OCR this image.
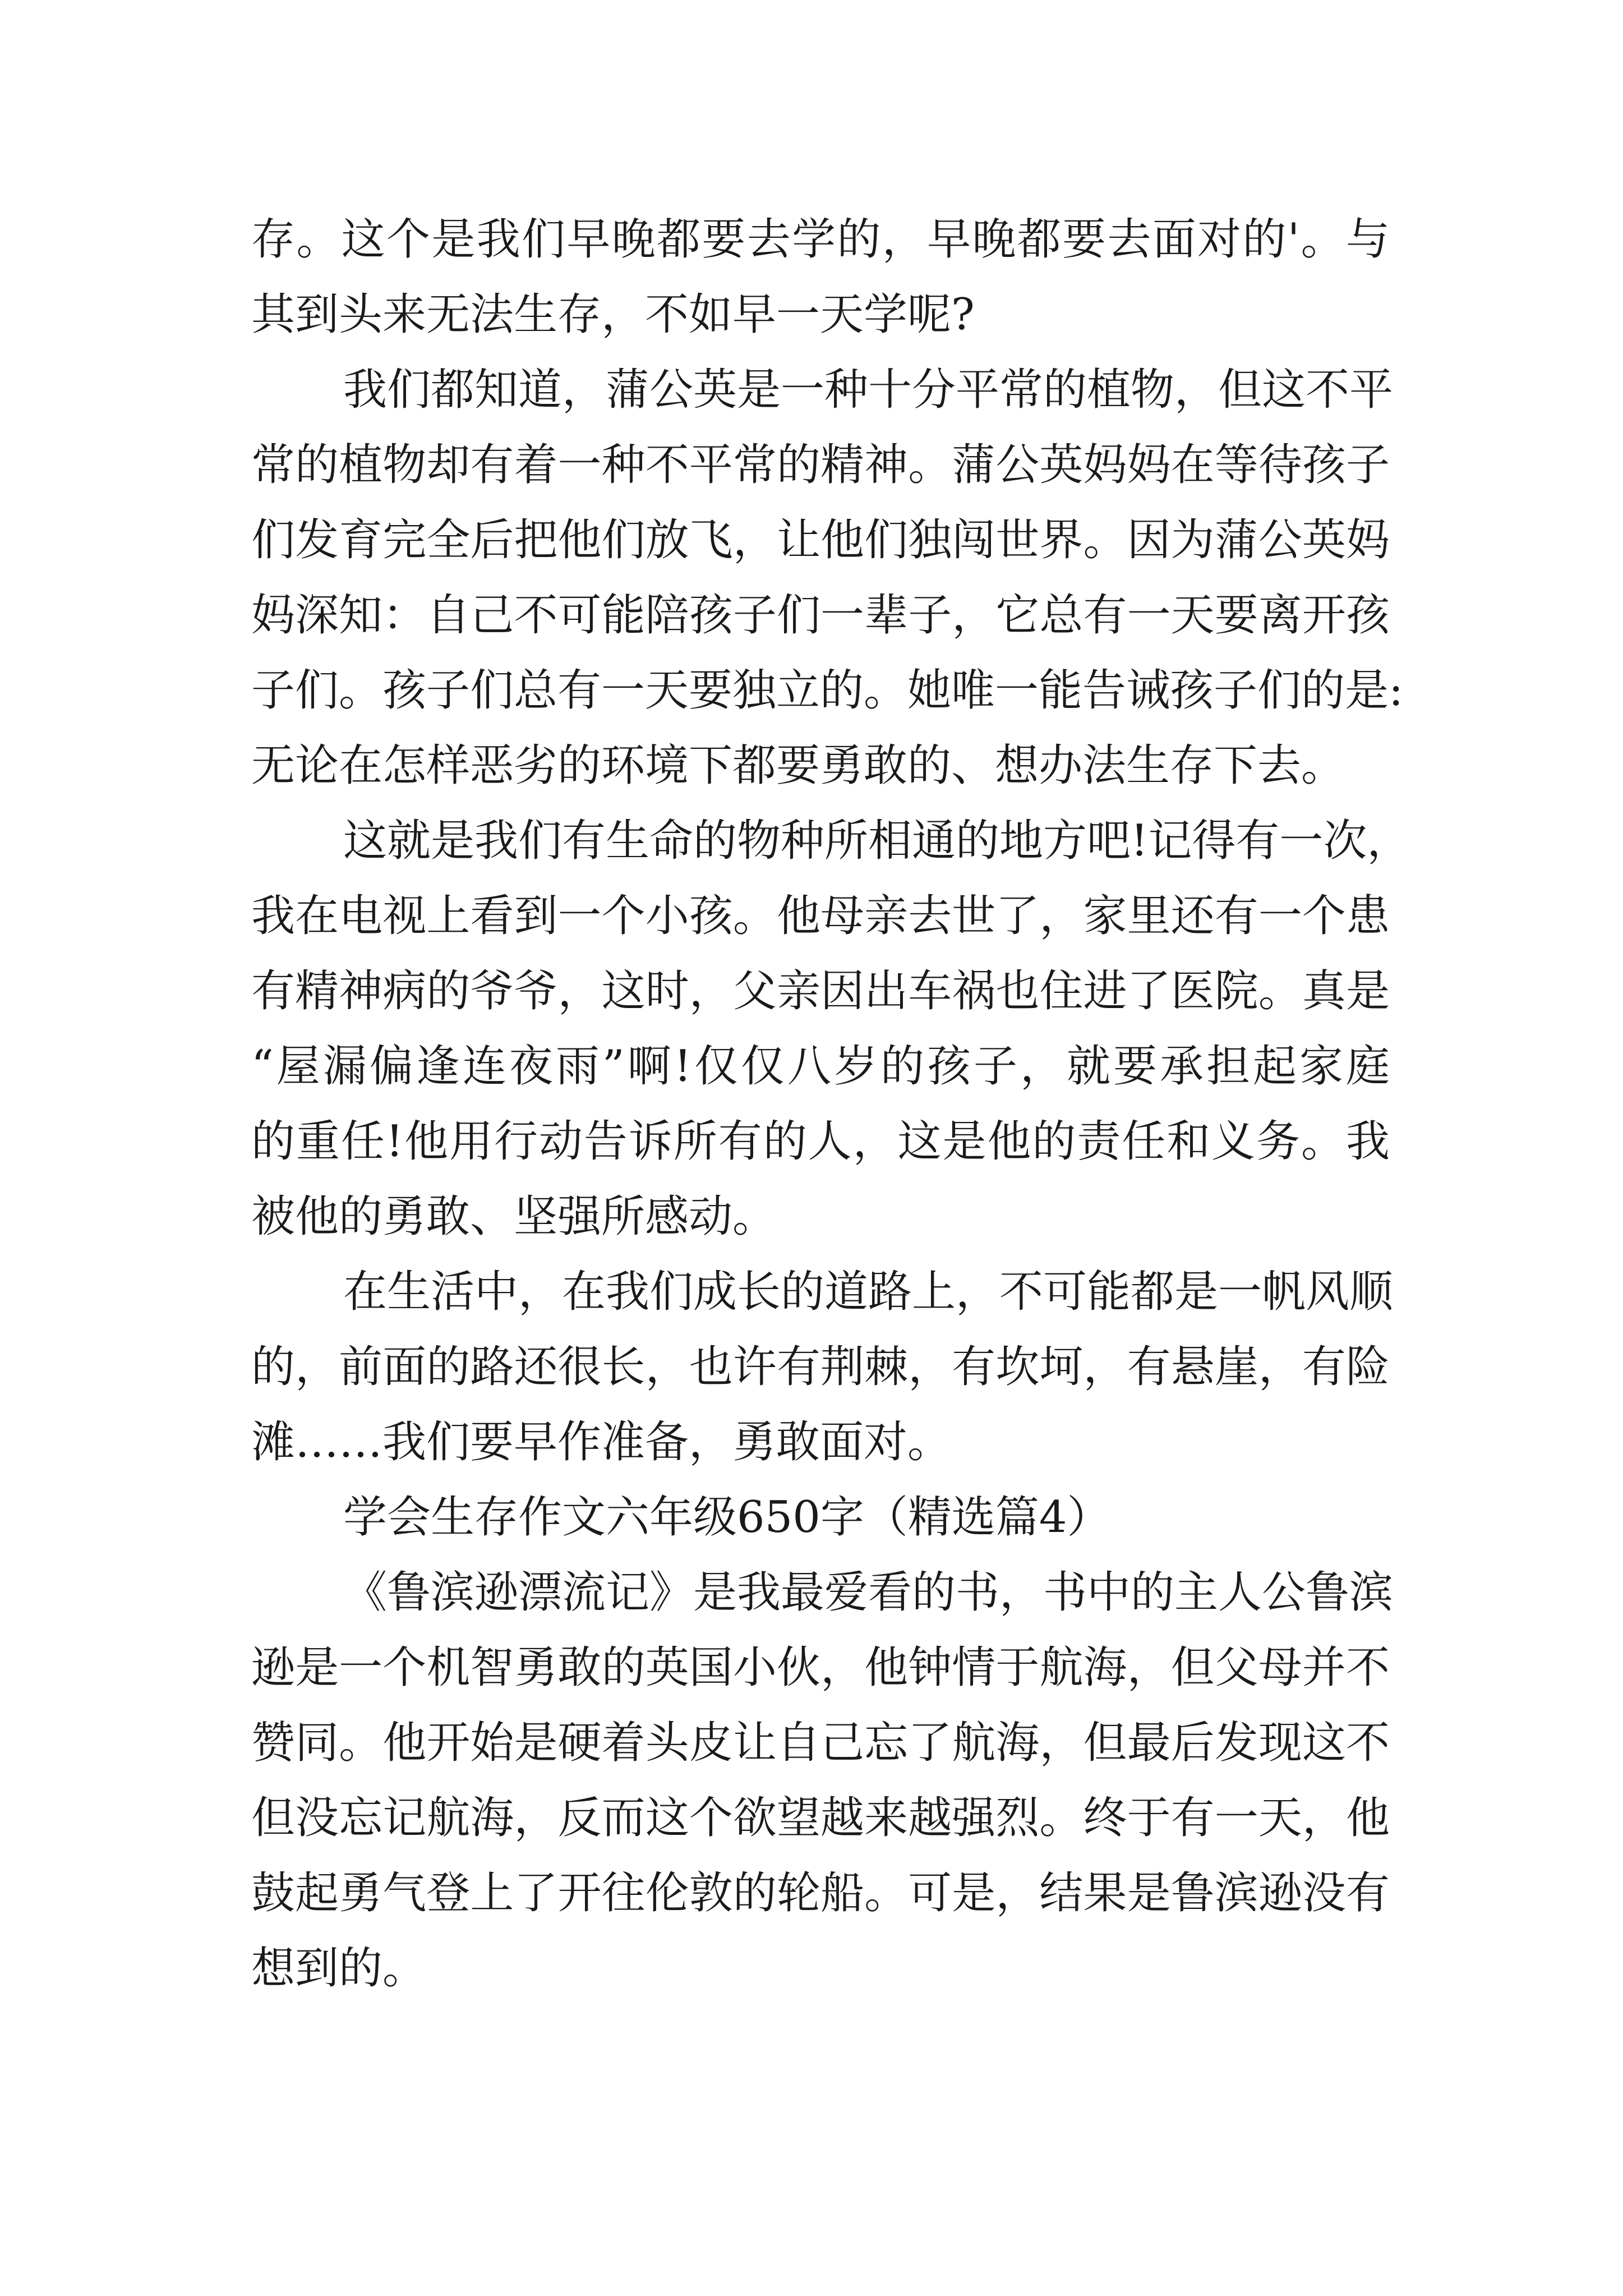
存。这个是我们早晚都要去学的，早晚都要去面对的'。与
其到头来无法生存，不如早一天学呢?
我们都知道，蒲公英是一种十分平常的植物，但这不平
常的植物却有着一种不平常的精神。蒲公英妈妈在等待孩子
们发育完全后把他们放飞，让他们独闯世界。因为蒲公英妈
妈深知：自己不可能陪孩子们一辈子，它总有一天要离开孩
子们。孩子们总有一天要独立的。她唯一能告诫孩子们的是:
无论在怎样恶劣的环境下都要勇敢的、想办法生存下去。
这就是我们有生命的物种所相通的地方吧!记得有一次，
我在电视上看到一个小孩。他母亲去世了，家里还有一个患
有精神病的爷爷，这时，父亲因出车祸也住进了医院。真是
“屋漏偏逢连夜雨”啊!仅仅八岁的孩子，就要承担起家庭
的重任!他用行动告诉所有的人，这是他的责任和义务。我
被他的勇敢、坚强所感动。
在生活中，在我们成长的道路上，不可能都是一帆风顺
的，前面的路还很长，也许有荆棘，有坎坷，有悬崖，有险
滩……我们要早作准备，勇敢面对。
学会生存作文六年级650字（精选篇4）
《鲁滨逊漂流记》是我最爱看的书，书中的主人公鲁滨
逊是一个机智勇敢的英国小伙，他钟情于航海，但父母并不
赞同。他开始是硬着头皮让自己忘了航海，但最后发现这不
但没忘记航海，反而这个欲望越来越强烈。终于有一天，他
鼓起勇气登上了开往伦敦的轮船。可是，结果是鲁滨逊没有
想到的。
